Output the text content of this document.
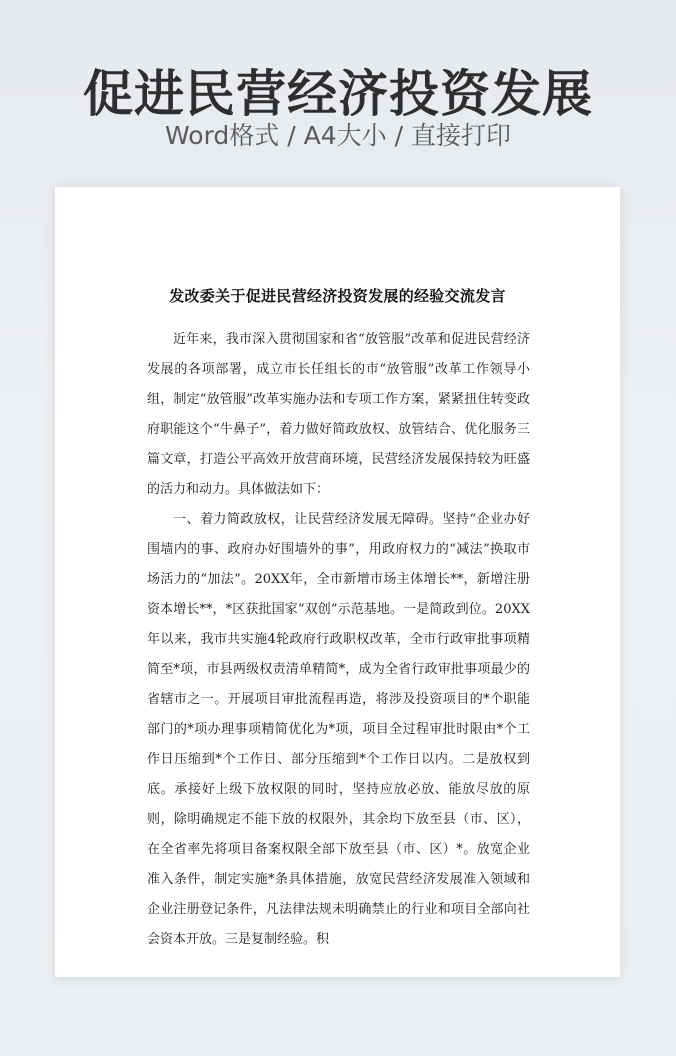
促进民营经济投资发展
Word格式 / A4大小 / 直接打印
发改委关于促进民营经济投资发展的经验交流发言

近年来，我市深入贯彻国家和省“放管服”改革和促进民营经济发展的各项部署，成立市长任组长的市“放管服”改革工作领导小组，制定“放管服”改革实施办法和专项工作方案，紧紧扭住转变政府职能这个“牛鼻子”，着力做好简政放权、放管结合、优化服务三篇文章，打造公平高效开放营商环境，民营经济发展保持较为旺盛的活力和动力。具体做法如下：

一、着力简政放权，让民营经济发展无障碍。坚持“企业办好围墙内的事、政府办好围墙外的事”，用政府权力的“减法”换取市场活力的“加法”。20XX年，全市新增市场主体增长**，新增注册资本增长**，*区获批国家“双创”示范基地。一是简政到位。20XX年以来，我市共实施4轮政府行政职权改革，全市行政审批事项精简至*项，市县两级权责清单精简*，成为全省行政审批事项最少的省辖市之一。开展项目审批流程再造，将涉及投资项目的*个职能部门的*项办理事项精简优化为*项，项目全过程审批时限由*个工作日压缩到*个工作日、部分压缩到*个工作日以内。二是放权到底。承接好上级下放权限的同时，坚持应放必放、能放尽放的原则，除明确规定不能下放的权限外，其余均下放至县（市、区），在全省率先将项目备案权限全部下放至县（市、区）*。放宽企业准入条件，制定实施*条具体措施，放宽民营经济发展准入领域和企业注册登记条件，凡法律法规未明确禁止的行业和项目全部向社会资本开放。三是复制经验。积
